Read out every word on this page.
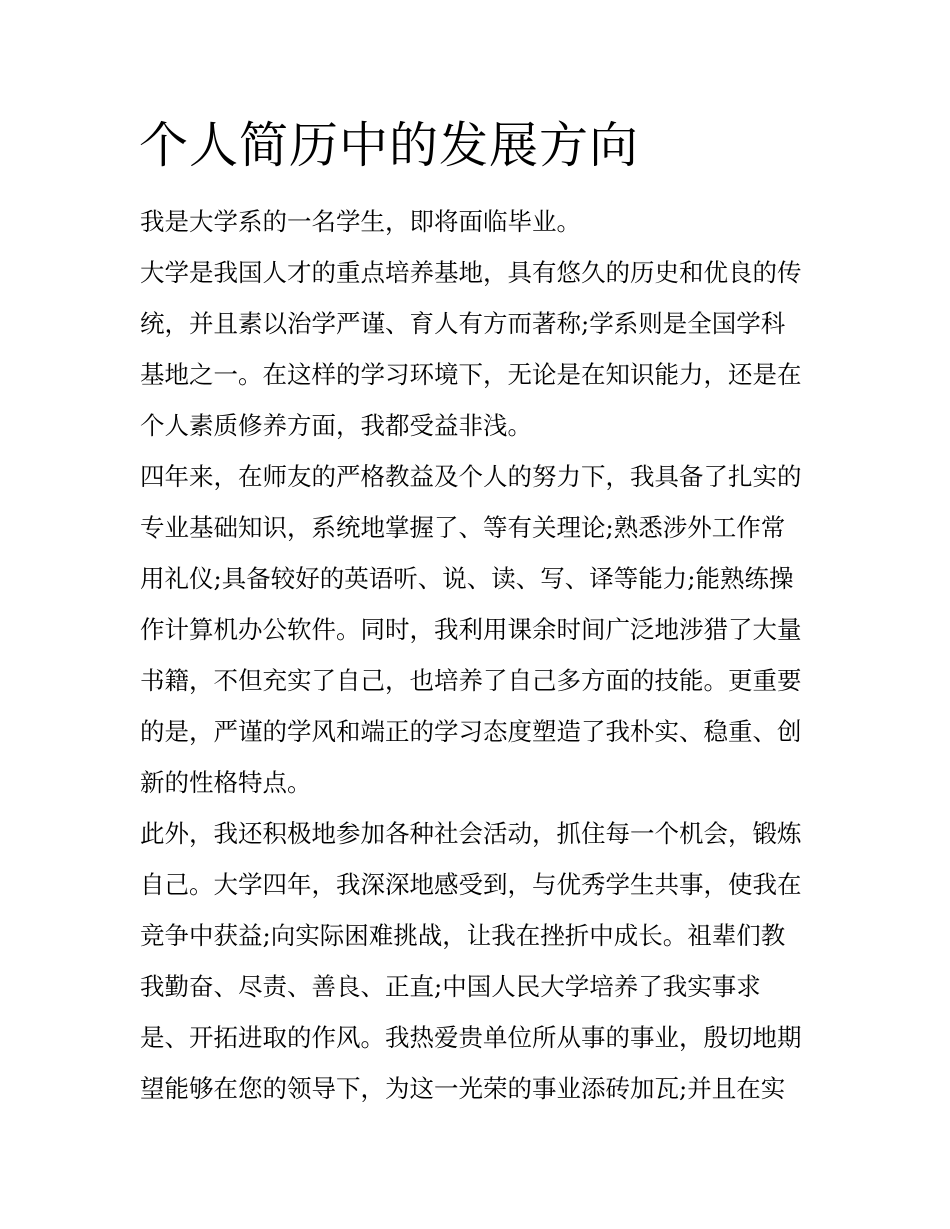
个人简历中的发展方向
我是大学系的一名学生，即将面临毕业。
大学是我国人才的重点培养基地，具有悠久的历史和优良的传
统，并且素以治学严谨、育人有方而著称;学系则是全国学科
基地之一。在这样的学习环境下，无论是在知识能力，还是在
个人素质修养方面，我都受益非浅。
四年来，在师友的严格教益及个人的努力下，我具备了扎实的
专业基础知识，系统地掌握了、等有关理论;熟悉涉外工作常
用礼仪;具备较好的英语听、说、读、写、译等能力;能熟练操
作计算机办公软件。同时，我利用课余时间广泛地涉猎了大量
书籍，不但充实了自己，也培养了自己多方面的技能。更重要
的是，严谨的学风和端正的学习态度塑造了我朴实、稳重、创
新的性格特点。
此外，我还积极地参加各种社会活动，抓住每一个机会，锻炼
自己。大学四年，我深深地感受到，与优秀学生共事，使我在
竞争中获益;向实际困难挑战，让我在挫折中成长。祖辈们教
我勤奋、尽责、善良、正直;中国人民大学培养了我实事求
是、开拓进取的作风。我热爱贵单位所从事的事业，殷切地期
望能够在您的领导下，为这一光荣的事业添砖加瓦;并且在实
